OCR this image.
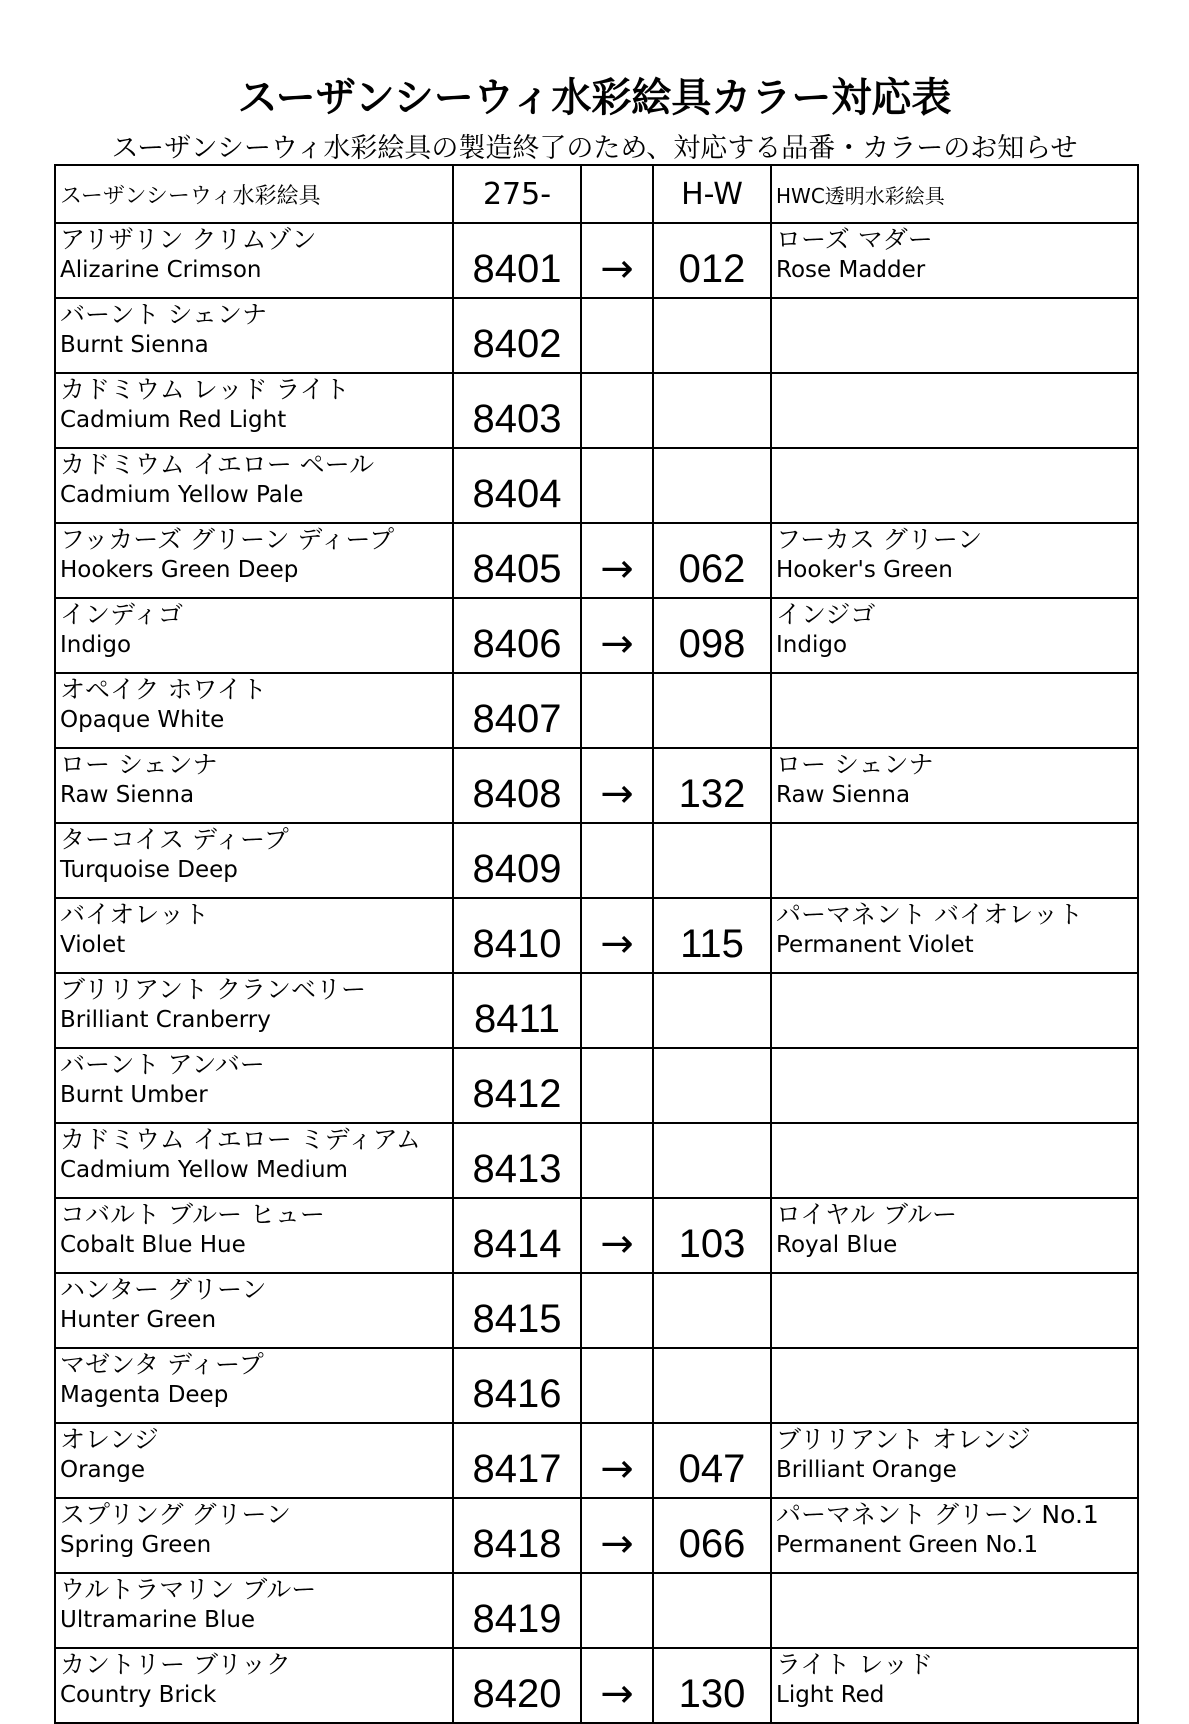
スーザンシーウィ水彩絵具カラー対応表
スーザンシーウィ水彩絵具の製造終了のため、対応する品番・カラーのお知らせ
スーザンシーウィ水彩絵具	275-		H-W	HWC透明水彩絵具

アリザリン クリムゾン
Alizarine Crimson	8401	→	012	ローズ マダー
Rose Madder

バーント シェンナ
Burnt Sienna	8402			

カドミウム レッド ライト
Cadmium Red Light	8403			

カドミウム イエロー ペール
Cadmium Yellow Pale	8404			

フッカーズ グリーン ディープ
Hookers Green Deep	8405	→	062	フーカス グリーン
Hooker's Green

インディゴ
Indigo	8406	→	098	インジゴ
Indigo

オペイク ホワイト
Opaque White	8407			

ロー シェンナ
Raw Sienna	8408	→	132	ロー シェンナ
Raw Sienna

ターコイス ディープ
Turquoise Deep	8409			

バイオレット
Violet	8410	→	115	パーマネント バイオレット
Permanent Violet

ブリリアント クランベリー
Brilliant Cranberry	8411			

バーント アンバー
Burnt Umber	8412			

カドミウム イエロー ミディアム
Cadmium Yellow Medium	8413			

コバルト ブルー ヒュー
Cobalt Blue Hue	8414	→	103	ロイヤル ブルー
Royal Blue

ハンター グリーン
Hunter Green	8415			

マゼンタ ディープ
Magenta Deep	8416			

オレンジ
Orange	8417	→	047	ブリリアント オレンジ
Brilliant Orange

スプリング グリーン
Spring Green	8418	→	066	パーマネント グリーン No.1
Permanent Green No.1

ウルトラマリン ブルー
Ultramarine Blue	8419			

カントリー ブリック
Country Brick	8420	→	130	ライト レッド
Light Red
